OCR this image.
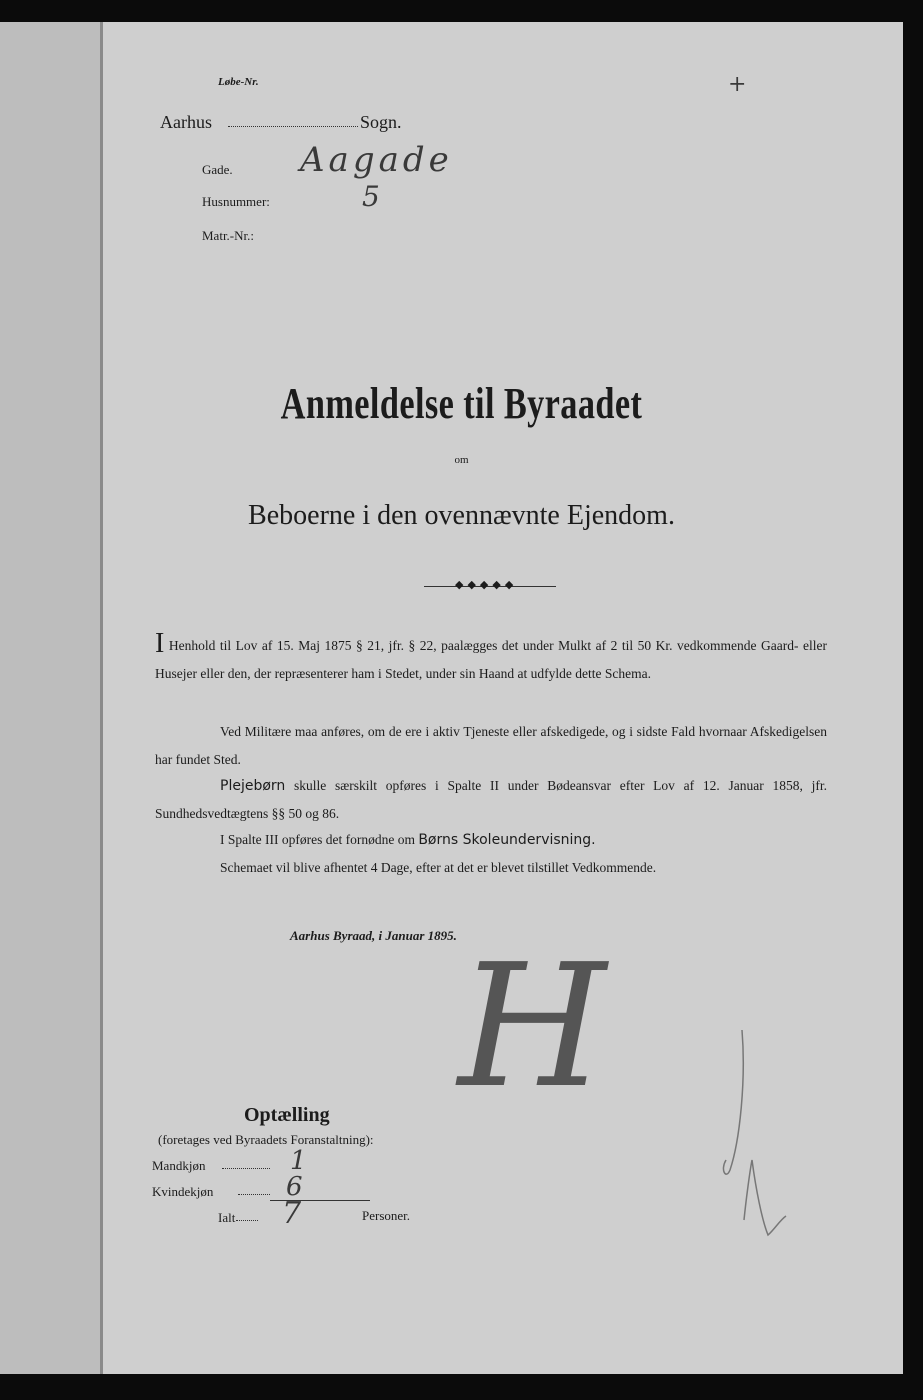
Løbe-Nr.	+
Aarhus	Sogn.
Gade. Aagade
Husnummer:	5
Matr.-Nr.:
Anmeldelse til Byraadet
om
Beboerne i den ovennævnte Ejendom.
◆◆◆◆◆
I Henhold til Lov af 15. Maj 1875 § 21, jfr. § 22, paalægges det under Mulkt af 2 til 50 Kr. vedkommende Gaard- eller Husejer eller den, der repræsenterer ham i Stedet, under sin Haand at udfylde dette Schema.
Ved Militære maa anføres, om de ere i aktiv Tjeneste eller afskedigede, og i sidste Fald hvornaar Afskedigelsen har fundet Sted.
Plejebørn skulle særskilt opføres i Spalte II under Bødeansvar efter Lov af 12. Januar 1858, jfr. Sundhedsvedtægtens §§ 50 og 86.
I Spalte III opføres det fornødne om Børns Skoleundervisning.
Schemaet vil blive afhentet 4 Dage, efter at det er blevet tilstillet Vedkommende.
Aarhus Byraad, i Januar 1895. H
Optælling
(foretages ved Byraadets Foranstaltning):
Mandkjøn	1
Kvindekjøn	6
Ialt 7	Personer.
